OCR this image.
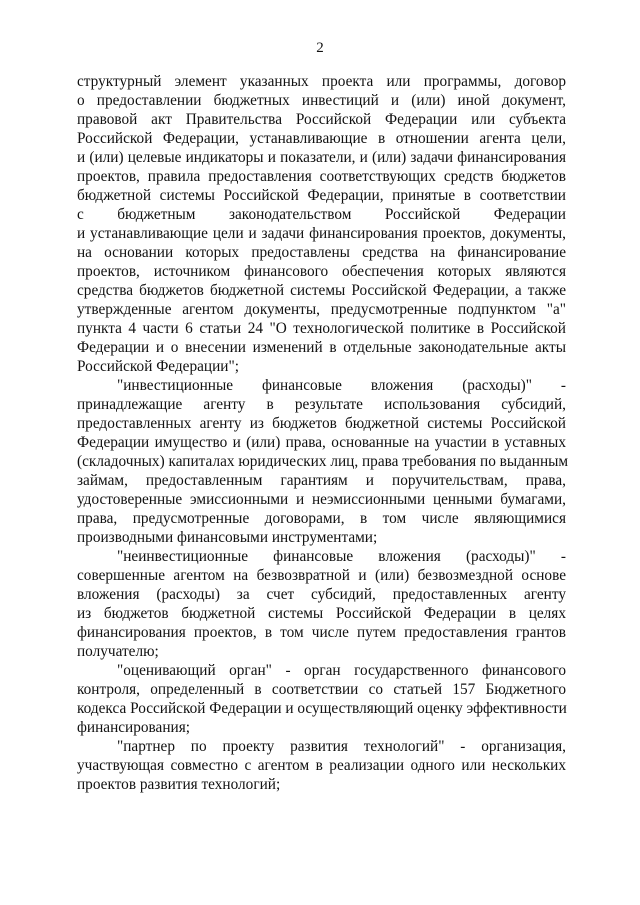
2
структурный элемент указанных проекта или программы, договор
о предоставлении бюджетных инвестиций и (или) иной документ,
правовой акт Правительства Российской Федерации или субъекта
Российской Федерации, устанавливающие в отношении агента цели,
и (или) целевые индикаторы и показатели, и (или) задачи финансирования
проектов, правила предоставления соответствующих средств бюджетов
бюджетной системы Российской Федерации, принятые в соответствии
с бюджетным законодательством Российской Федерации
и устанавливающие цели и задачи финансирования проектов, документы,
на основании которых предоставлены средства на финансирование
проектов, источником финансового обеспечения которых являются
средства бюджетов бюджетной системы Российской Федерации, а также
утвержденные агентом документы, предусмотренные подпунктом "а"
пункта 4 части 6 статьи 24 "О технологической политике в Российской
Федерации и о внесении изменений в отдельные законодательные акты
Российской Федерации";
"инвестиционные финансовые вложения (расходы)" -
принадлежащие агенту в результате использования субсидий,
предоставленных агенту из бюджетов бюджетной системы Российской
Федерации имущество и (или) права, основанные на участии в уставных
(складочных) капиталах юридических лиц, права требования по выданным
займам, предоставленным гарантиям и поручительствам, права,
удостоверенные эмиссионными и неэмиссионными ценными бумагами,
права, предусмотренные договорами, в том числе являющимися
производными финансовыми инструментами;
"неинвестиционные финансовые вложения (расходы)" -
совершенные агентом на безвозвратной и (или) безвозмездной основе
вложения (расходы) за счет субсидий, предоставленных агенту
из бюджетов бюджетной системы Российской Федерации в целях
финансирования проектов, в том числе путем предоставления грантов
получателю;
"оценивающий орган" - орган государственного финансового
контроля, определенный в соответствии со статьей 157 Бюджетного
кодекса Российской Федерации и осуществляющий оценку эффективности
финансирования;
"партнер по проекту развития технологий" - организация,
участвующая совместно с агентом в реализации одного или нескольких
проектов развития технологий;
